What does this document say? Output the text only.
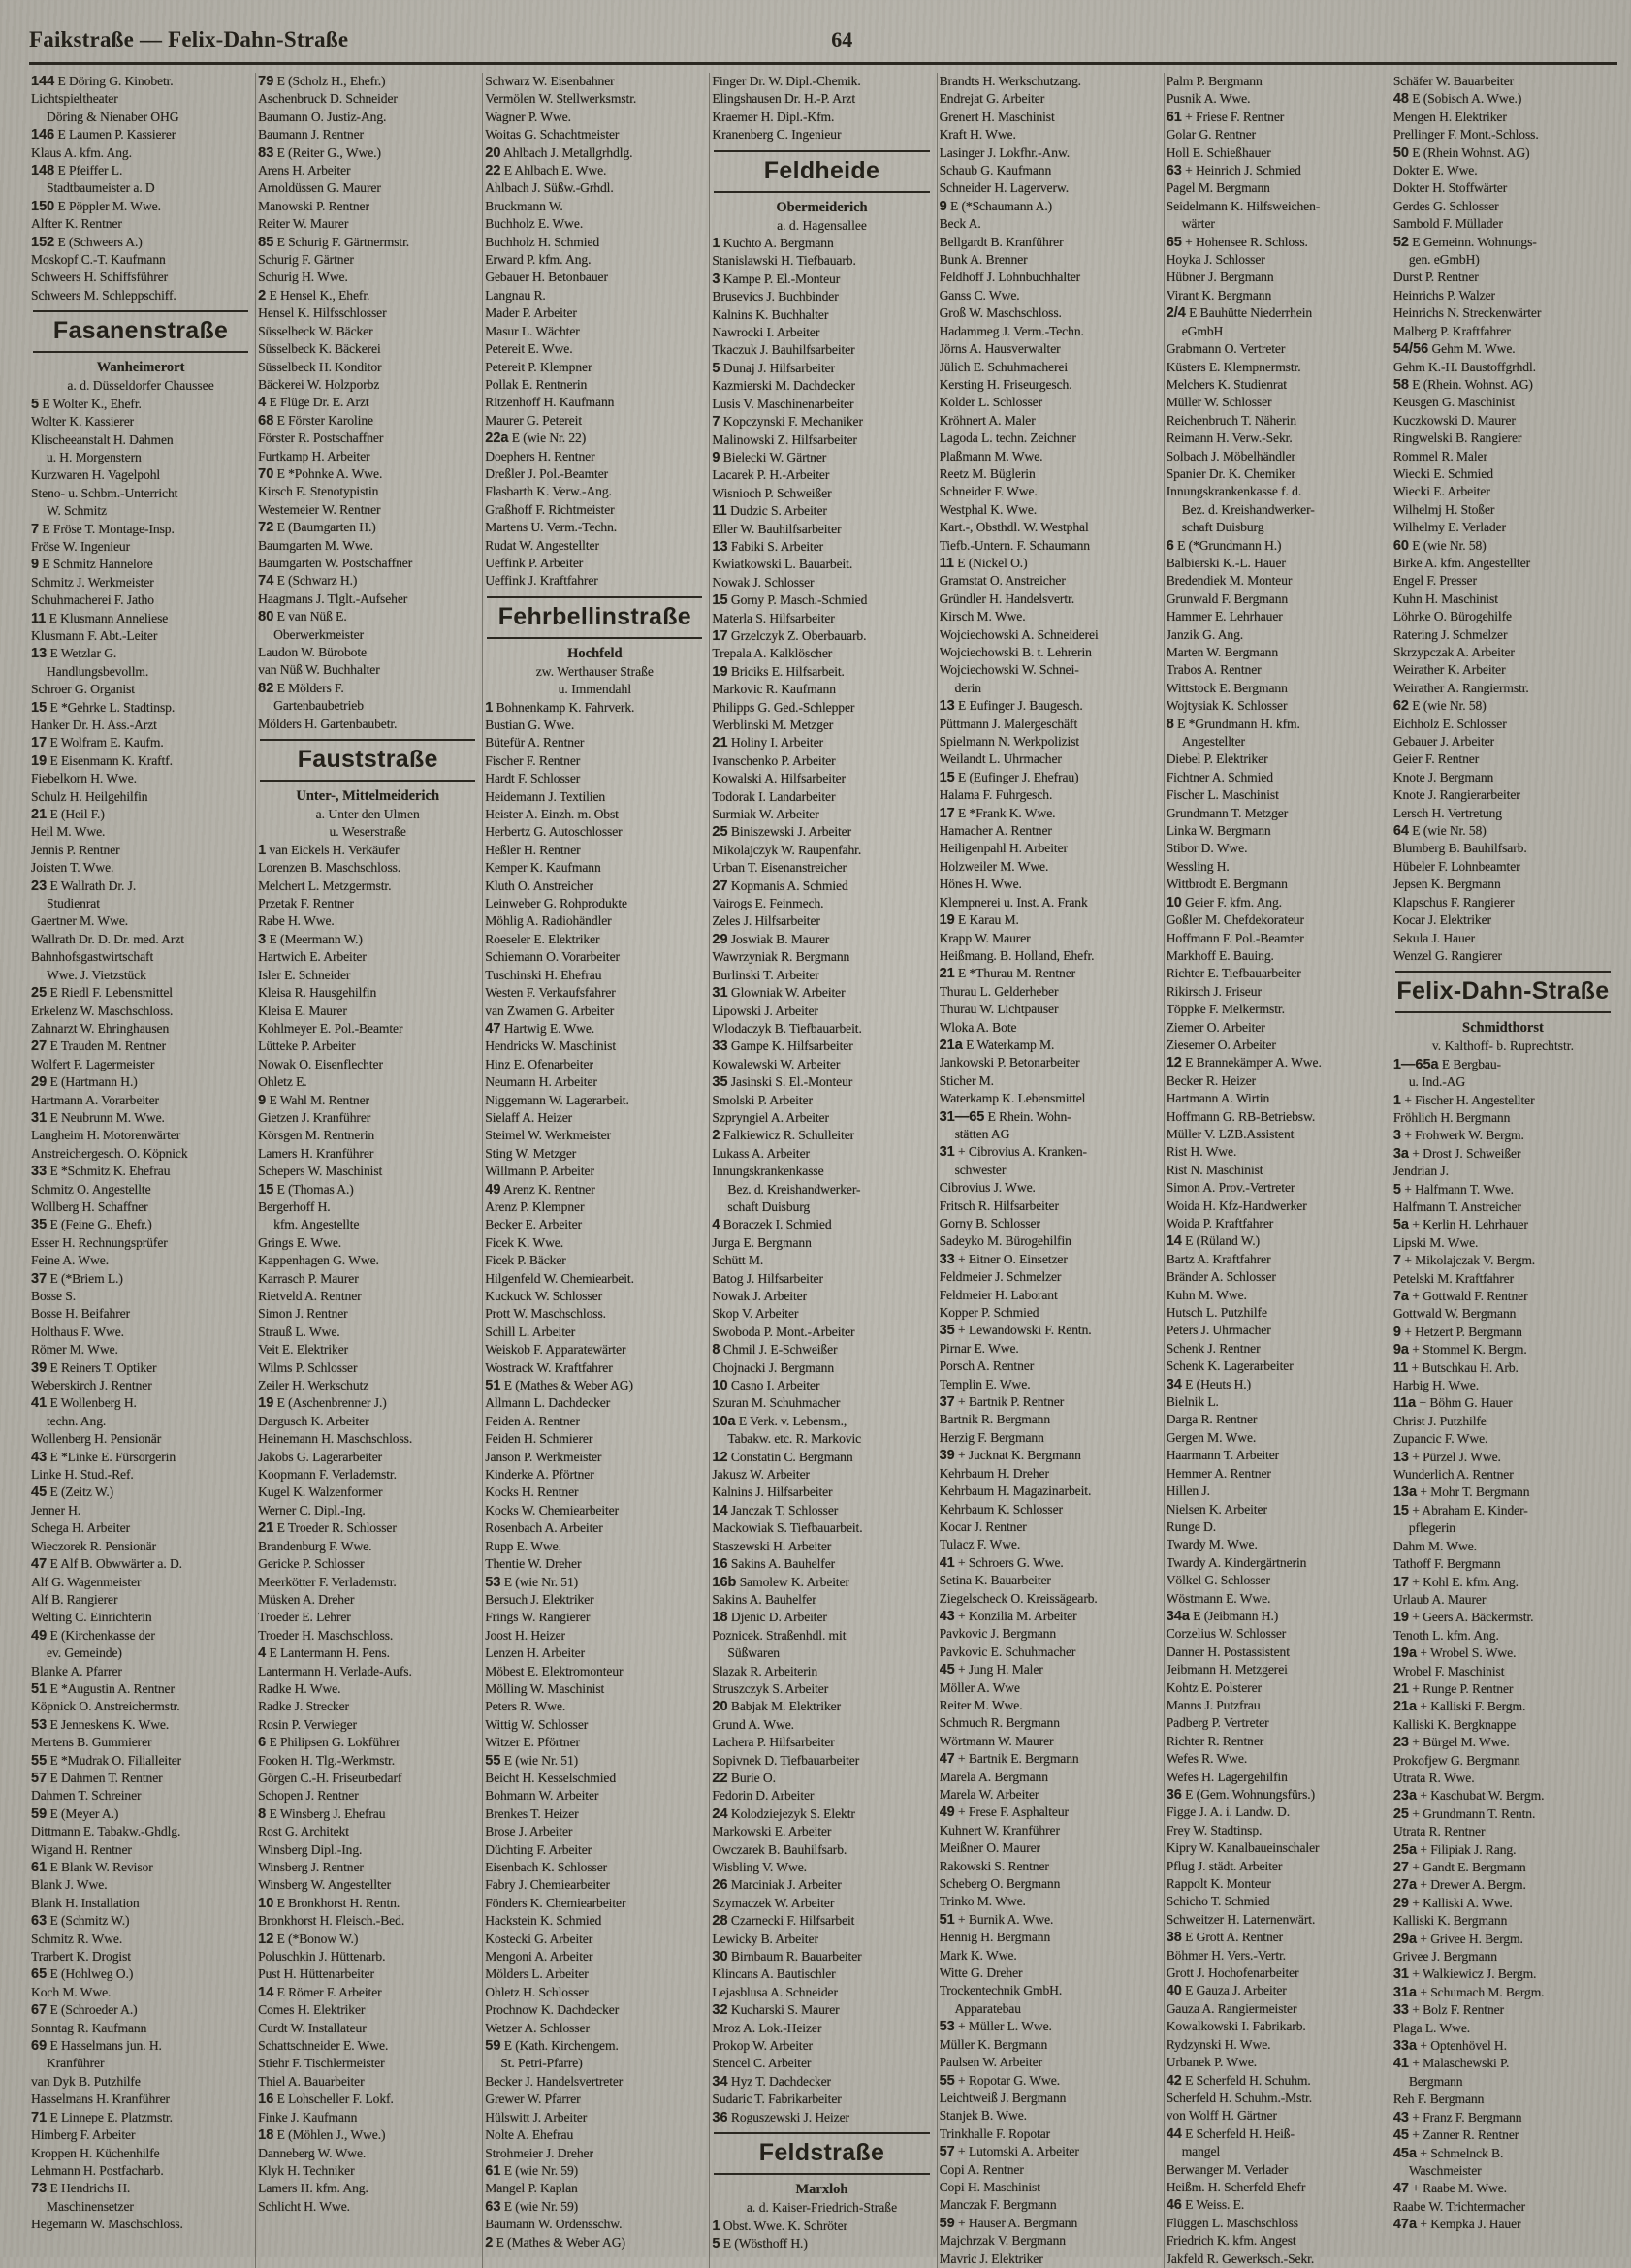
Faikstraße — Felix-Dahn-Straße	64
144 E Döring G. Kinobetr.
Lichtspieltheater
Döring & Nienaber OHG
146 E Laumen P. Kassierer
Klaus A. kfm. Ang.
148 E Pfeiffer L.
Stadtbaumeister a. D
150 E Pöppler M. Wwe.
Alfter K. Rentner
152 E (Schweers A.)
Moskopf C.-T. Kaufmann
Schweers H. Schiffsführer
Schweers M. Schleppschiff.
Fasanenstraße
Wanheimerort
a. d. Düsseldorfer Chaussee
5 E Wolter K., Ehefr.
Wolter K. Kassierer
Klischeeanstalt H. Dahmen
u. H. Morgenstern
Kurzwaren H. Vagelpohl
Steno- u. Schbm.-Unterricht
W. Schmitz
7 E Fröse T. Montage-Insp.
Fröse W. Ingenieur
9 E Schmitz Hannelore
Schmitz J. Werkmeister
Schuhmacherei F. Jatho
11 E Klusmann Anneliese
Klusmann F. Abt.-Leiter
13 E Wetzlar G.
Handlungsbevollm.
Schroer G. Organist
15 E *Gehrke L. Stadtinsp.
Hanker Dr. H. Ass.-Arzt
17 E Wolfram E. Kaufm.
19 E Eisenmann K. Kraftf.
Fiebelkorn H. Wwe.
Schulz H. Heilgehilfin
21 E (Heil F.)
Heil M. Wwe.
Jennis P. Rentner
Joisten T. Wwe.
23 E Wallrath Dr. J.
Studienrat
Gaertner M. Wwe.
Wallrath Dr. D. Dr. med. Arzt
Bahnhofsgastwirtschaft
Wwe. J. Vietzstück
25 E Riedl F. Lebensmittel
Erkelenz W. Maschschloss.
Zahnarzt W. Ehringhausen
27 E Trauden M. Rentner
Wolfert F. Lagermeister
29 E (Hartmann H.)
Hartmann A. Vorarbeiter
31 E Neubrunn M. Wwe.
Langheim H. Motorenwärter
Anstreichergesch. O. Köpnick
33 E *Schmitz K. Ehefrau
Schmitz O. Angestellte
Wollberg H. Schaffner
35 E (Feine G., Ehefr.)
Esser H. Rechnungsprüfer
Feine A. Wwe.
37 E (*Briem L.)
Bosse S.
Bosse H. Beifahrer
Holthaus F. Wwe.
Römer M. Wwe.
39 E Reiners T. Optiker
Weberskirch J. Rentner
41 E Wollenberg H.
techn. Ang.
Wollenberg H. Pensionär
43 E *Linke E. Fürsorgerin
Linke H. Stud.-Ref.
45 E (Zeitz W.)
Jenner H.
Schega H. Arbeiter
Wieczorek R. Pensionär
47 E Alf B. Obwwärter a. D.
Alf G. Wagenmeister
Alf B. Rangierer
Welting C. Einrichterin
49 E (Kirchenkasse der
ev. Gemeinde)
Blanke A. Pfarrer
51 E *Augustin A. Rentner
Köpnick O. Anstreichermstr.
53 E Jenneskens K. Wwe.
Mertens B. Gummierer
55 E *Mudrak O. Filialleiter
57 E Dahmen T. Rentner
Dahmen T. Schreiner
59 E (Meyer A.)
Dittmann E. Tabakw.-Ghdlg.
Wigand H. Rentner
61 E Blank W. Revisor
Blank J. Wwe.
Blank H. Installation
63 E (Schmitz W.)
Schmitz R. Wwe.
Trarbert K. Drogist
65 E (Hohlweg O.)
Koch M. Wwe.
67 E (Schroeder A.)
Sonntag R. Kaufmann
69 E Hasselmans jun. H.
Kranführer
van Dyk B. Putzhilfe
Hasselmans H. Kranführer
71 E Linnepe E. Platzmstr.
Himberg F. Arbeiter
Kroppen H. Küchenhilfe
Lehmann H. Postfacharb.
73 E Hendrichs H.
Maschinensetzer
Hegemann W. Maschschloss.
79 E (Scholz H., Ehefr.)
Aschenbruck D. Schneider
Baumann O. Justiz-Ang.
Baumann J. Rentner
83 E (Reiter G., Wwe.)
Arens H. Arbeiter
Arnoldüssen G. Maurer
Manowski P. Rentner
Reiter W. Maurer
85 E Schurig F. Gärtnermstr.
Schurig F. Gärtner
Schurig H. Wwe.
2 E Hensel K., Ehefr.
Hensel K. Hilfsschlosser
Süsselbeck W. Bäcker
Süsselbeck K. Bäckerei
Süsselbeck H. Konditor
Bäckerei W. Holzporbz
4 E Flüge Dr. E. Arzt
68 E Förster Karoline
Förster R. Postschaffner
Furtkamp H. Arbeiter
70 E *Pohnke A. Wwe.
Kirsch E. Stenotypistin
Westemeier W. Rentner
72 E (Baumgarten H.)
Baumgarten M. Wwe.
Baumgarten W. Postschaffner
74 E (Schwarz H.)
Haagmans J. Tlglt.-Aufseher
80 E van Nüß E.
Oberwerkmeister
Laudon W. Bürobote
van Nüß W. Buchhalter
82 E Mölders F.
Gartenbaubetrieb
Mölders H. Gartenbaubetr.
Fauststraße
Unter-, Mittelmeiderich
a. Unter den Ulmen
u. Weserstraße
1 van Eickels H. Verkäufer
Lorenzen B. Maschschloss.
Melchert L. Metzgermstr.
Przetak F. Rentner
Rabe H. Wwe.
3 E (Meermann W.)
Hartwich E. Arbeiter
Isler E. Schneider
Kleisa R. Hausgehilfin
Kleisa E. Maurer
Kohlmeyer E. Pol.-Beamter
Lütteke P. Arbeiter
Nowak O. Eisenflechter
Ohletz E.
9 E Wahl M. Rentner
Gietzen J. Kranführer
Körsgen M. Rentnerin
Lamers H. Kranführer
Schepers W. Maschinist
15 E (Thomas A.)
Bergerhoff H.
kfm. Angestellte
Grings E. Wwe.
Kappenhagen G. Wwe.
Karrasch P. Maurer
Rietveld A. Rentner
Simon J. Rentner
Strauß L. Wwe.
Veit E. Elektriker
Wilms P. Schlosser
Zeiler H. Werkschutz
19 E (Aschenbrenner J.)
Dargusch K. Arbeiter
Heinemann H. Maschschloss.
Jakobs G. Lagerarbeiter
Koopmann F. Verlademstr.
Kugel K. Walzenformer
Werner C. Dipl.-Ing.
21 E Troeder R. Schlosser
Brandenburg F. Wwe.
Gericke P. Schlosser
Meerkötter F. Verlademstr.
Müsken A. Dreher
Troeder E. Lehrer
Troeder H. Maschschloss.
4 E Lantermann H. Pens.
Lantermann H. Verlade-Aufs.
Radke H. Wwe.
Radke J. Strecker
Rosin P. Verwieger
6 E Philipsen G. Lokführer
Fooken H. Tlg.-Werkmstr.
Görgen C.-H. Friseurbedarf
Schopen J. Rentner
8 E Winsberg J. Ehefrau
Rost G. Architekt
Winsberg Dipl.-Ing.
Winsberg J. Rentner
Winsberg W. Angestellter
10 E Bronkhorst H. Rentn.
Bronkhorst H. Fleisch.-Bed.
12 E (*Bonow W.)
Poluschkin J. Hüttenarb.
Pust H. Hüttenarbeiter
14 E Römer F. Arbeiter
Comes H. Elektriker
Curdt W. Installateur
Schattschneider E. Wwe.
Stiehr F. Tischlermeister
Thiel A. Bauarbeiter
16 E Lohscheller F. Lokf.
Finke J. Kaufmann
18 E (Möhlen J., Wwe.)
Danneberg W. Wwe.
Klyk H. Techniker
Lamers H. kfm. Ang.
Schlicht H. Wwe.
Schwarz W. Eisenbahner
Vermölen W. Stellwerksmstr.
Wagner P. Wwe.
Woitas G. Schachtmeister
20 Ahlbach J. Metallgrhdlg.
22 E Ahlbach E. Wwe.
Ahlbach J. Süßw.-Grhdl.
Bruckmann W.
Buchholz E. Wwe.
Buchholz H. Schmied
Erward P. kfm. Ang.
Gebauer H. Betonbauer
Langnau R.
Mader P. Arbeiter
Masur L. Wächter
Petereit E. Wwe.
Petereit P. Klempner
Pollak E. Rentnerin
Ritzenhoff H. Kaufmann
Maurer G. Petereit
22a E (wie Nr. 22)
Doephers H. Rentner
Dreßler J. Pol.-Beamter
Flasbarth K. Verw.-Ang.
Graßhoff F. Richtmeister
Martens U. Verm.-Techn.
Rudat W. Angestellter
Ueffink P. Arbeiter
Ueffink J. Kraftfahrer
Fehrbellinstraße
Hochfeld
zw. Werthauser Straße
u. Immendahl
1 Bohnenkamp K. Fahrverk.
Bustian G. Wwe.
Bütefür A. Rentner
Fischer F. Rentner
Hardt F. Schlosser
Heidemann J. Textilien
Heister A. Einzh. m. Obst
Herbertz G. Autoschlosser
Heßler H. Rentner
Kemper K. Kaufmann
Kluth O. Anstreicher
Leinweber G. Rohprodukte
Möhlig A. Radiohändler
Roeseler E. Elektriker
Schiemann O. Vorarbeiter
Tuschinski H. Ehefrau
Westen F. Verkaufsfahrer
van Zwamen G. Arbeiter
47 Hartwig E. Wwe.
Hendricks W. Maschinist
Hinz E. Ofenarbeiter
Neumann H. Arbeiter
Niggemann W. Lagerarbeit.
Sielaff A. Heizer
Steimel W. Werkmeister
Sting W. Metzger
Willmann P. Arbeiter
49 Arenz K. Rentner
Arenz P. Klempner
Becker E. Arbeiter
Ficek K. Wwe.
Ficek P. Bäcker
Hilgenfeld W. Chemiearbeit.
Kuckuck W. Schlosser
Prott W. Maschschloss.
Schill L. Arbeiter
Weiskob F. Apparatewärter
Wostrack W. Kraftfahrer
51 E (Mathes & Weber AG)
Allmann L. Dachdecker
Feiden A. Rentner
Feiden H. Schmierer
Janson P. Werkmeister
Kinderke A. Pförtner
Kocks H. Rentner
Kocks W. Chemiearbeiter
Rosenbach A. Arbeiter
Rupp E. Wwe.
Thentie W. Dreher
53 E (wie Nr. 51)
Bersuch J. Elektriker
Frings W. Rangierer
Joost H. Heizer
Lenzen H. Arbeiter
Möbest E. Elektromonteur
Mölling W. Maschinist
Peters R. Wwe.
Wittig W. Schlosser
Witzer E. Pförtner
55 E (wie Nr. 51)
Beicht H. Kesselschmied
Bohmann W. Arbeiter
Brenkes T. Heizer
Brose J. Arbeiter
Düchting F. Arbeiter
Eisenbach K. Schlosser
Fabry J. Chemiearbeiter
Fönders K. Chemiearbeiter
Hackstein K. Schmied
Kostecki G. Arbeiter
Mengoni A. Arbeiter
Mölders L. Arbeiter
Ohletz H. Schlosser
Prochnow K. Dachdecker
Wetzer A. Schlosser
59 E (Kath. Kirchengem.
St. Petri-Pfarre)
Becker J. Handelsvertreter
Grewer W. Pfarrer
Hülswitt J. Arbeiter
Nolte A. Ehefrau
Strohmeier J. Dreher
61 E (wie Nr. 59)
Mangel P. Kaplan
63 E (wie Nr. 59)
Baumann W. Ordensschw.
2 E (Mathes & Weber AG)
Finger Dr. W. Dipl.-Chemik.
Elingshausen Dr. H.-P. Arzt
Kraemer H. Dipl.-Kfm.
Kranenberg C. Ingenieur
Feldheide
Obermeiderich
a. d. Hagensallee
1 Kuchto A. Bergmann
Stanislawski H. Tiefbauarb.
3 Kampe P. El.-Monteur
Brusevics J. Buchbinder
Kalnins K. Buchhalter
Nawrocki I. Arbeiter
Tkaczuk J. Bauhilfsarbeiter
5 Dunaj J. Hilfsarbeiter
Kazmierski M. Dachdecker
Lusis V. Maschinenarbeiter
7 Kopczynski F. Mechaniker
Malinowski Z. Hilfsarbeiter
9 Bielecki W. Gärtner
Lacarek P. H.-Arbeiter
Wisnioch P. Schweißer
11 Dudzic S. Arbeiter
Eller W. Bauhilfsarbeiter
13 Fabiki S. Arbeiter
Kwiatkowski L. Bauarbeit.
Nowak J. Schlosser
15 Gorny P. Masch.-Schmied
Materla S. Hilfsarbeiter
17 Grzelczyk Z. Oberbauarb.
Trepala A. Kalklöscher
19 Briciks E. Hilfsarbeit.
Markovic R. Kaufmann
Philipps G. Ged.-Schlepper
Werblinski M. Metzger
21 Holiny I. Arbeiter
Ivanschenko P. Arbeiter
Kowalski A. Hilfsarbeiter
Todorak I. Landarbeiter
Surmiak W. Arbeiter
25 Biniszewski J. Arbeiter
Mikolajczyk W. Raupenfahr.
Urban T. Eisenanstreicher
27 Kopmanis A. Schmied
Vairogs E. Feinmech.
Zeles J. Hilfsarbeiter
29 Joswiak B. Maurer
Wawrzyniak R. Bergmann
Burlinski T. Arbeiter
31 Glowniak W. Arbeiter
Lipowski J. Arbeiter
Wlodaczyk B. Tiefbauarbeit.
33 Gampe K. Hilfsarbeiter
Kowalewski W. Arbeiter
35 Jasinski S. El.-Monteur
Smolski P. Arbeiter
Szpryngiel A. Arbeiter
2 Falkiewicz R. Schulleiter
Lukass A. Arbeiter
Innungskrankenkasse
Bez. d. Kreishandwerker-
schaft Duisburg
4 Boraczek I. Schmied
Jurga E. Bergmann
Schütt M.
Batog J. Hilfsarbeiter
Nowak J. Arbeiter
Skop V. Arbeiter
Swoboda P. Mont.-Arbeiter
8 Chmil J. E-Schweißer
Chojnacki J. Bergmann
10 Casno I. Arbeiter
Szuran M. Schuhmacher
10a E Verk. v. Lebensm.,
Tabakw. etc. R. Markovic
12 Constatin C. Bergmann
Jakusz W. Arbeiter
Kalnins J. Hilfsarbeiter
14 Janczak T. Schlosser
Mackowiak S. Tiefbauarbeit.
Staszewski H. Arbeiter
16 Sakins A. Bauhelfer
16b Samolew K. Arbeiter
Sakins A. Bauhelfer
18 Djenic D. Arbeiter
Poznicek. Straßenhdl. mit
Süßwaren
Slazak R. Arbeiterin
Struszczyk S. Arbeiter
20 Babjak M. Elektriker
Grund A. Wwe.
Lachera P. Hilfsarbeiter
Sopivnek D. Tiefbauarbeiter
22 Burie O.
Fedorin D. Arbeiter
24 Kolodziejezyk S. Elektr
Markowski E. Arbeiter
Owczarek B. Bauhilfsarb.
Wisbling V. Wwe.
26 Marciniak J. Arbeiter
Szymaczek W. Arbeiter
28 Czarnecki F. Hilfsarbeit
Lewicky B. Arbeiter
30 Birnbaum R. Bauarbeiter
Klincans A. Bautischler
Lejasblusa A. Schneider
32 Kucharski S. Maurer
Mroz A. Lok.-Heizer
Prokop W. Arbeiter
Stencel C. Arbeiter
34 Hyz T. Dachdecker
Sudaric T. Fabrikarbeiter
36 Roguszewski J. Heizer
Feldstraße
Marxloh
a. d. Kaiser-Friedrich-Straße
1 Obst. Wwe. K. Schröter
5 E (Wösthoff H.)
Brandts H. Werkschutzang.
Endrejat G. Arbeiter
Grenert H. Maschinist
Kraft H. Wwe.
Lasinger J. Lokfhr.-Anw.
Schaub G. Kaufmann
Schneider H. Lagerverw.
9 E (*Schaumann A.)
Beck A.
Bellgardt B. Kranführer
Bunk A. Brenner
Feldhoff J. Lohnbuchhalter
Ganss C. Wwe.
Groß W. Maschschloss.
Hadammeg J. Verm.-Techn.
Jörns A. Hausverwalter
Jülich E. Schuhmacherei
Kersting H. Friseurgesch.
Kolder L. Schlosser
Kröhnert A. Maler
Lagoda L. techn. Zeichner
Plaßmann M. Wwe.
Reetz M. Büglerin
Schneider F. Wwe.
Westphal K. Wwe.
Kart.-, Obsthdl. W. Westphal
Tiefb.-Untern. F. Schaumann
11 E (Nickel O.)
Gramstat O. Anstreicher
Gründler H. Handelsvertr.
Kirsch M. Wwe.
Wojciechowski A. Schneiderei
Wojciechowski B. t. Lehrerin
Wojciechowski W. Schnei-
derin
13 E Eufinger J. Baugesch.
Püttmann J. Malergeschäft
Spielmann N. Werkpolizist
Weilandt L. Uhrmacher
15 E (Eufinger J. Ehefrau)
Halama F. Fuhrgesch.
17 E *Frank K. Wwe.
Hamacher A. Rentner
Heiligenpahl H. Arbeiter
Holzweiler M. Wwe.
Hönes H. Wwe.
Klempnerei u. Inst. A. Frank
19 E Karau M.
Krapp W. Maurer
Heißmang. B. Holland, Ehefr.
21 E *Thurau M. Rentner
Thurau L. Gelderheber
Thurau W. Lichtpauser
Wloka A. Bote
21a E Waterkamp M.
Jankowski P. Betonarbeiter
Sticher M.
Waterkamp K. Lebensmittel
31—65 E Rhein. Wohn-
stätten AG
31 + Cibrovius A. Kranken-
schwester
Cibrovius J. Wwe.
Fritsch R. Hilfsarbeiter
Gorny B. Schlosser
Sadeyko M. Bürogehilfin
33 + Eitner O. Einsetzer
Feldmeier J. Schmelzer
Feldmeier H. Laborant
Kopper P. Schmied
35 + Lewandowski F. Rentn.
Pirnar E. Wwe.
Porsch A. Rentner
Templin E. Wwe.
37 + Bartnik P. Rentner
Bartnik R. Bergmann
Herzig F. Bergmann
39 + Jucknat K. Bergmann
Kehrbaum H. Dreher
Kehrbaum H. Magazinarbeit.
Kehrbaum K. Schlosser
Kocar J. Rentner
Tulacz F. Wwe.
41 + Schroers G. Wwe.
Setina K. Bauarbeiter
Ziegelscheck O. Kreissägearb.
43 + Konzilia M. Arbeiter
Pavkovic J. Bergmann
Pavkovic E. Schuhmacher
45 + Jung H. Maler
Möller A. Wwe
Reiter M. Wwe.
Schmuch R. Bergmann
Wörtmann W. Maurer
47 + Bartnik E. Bergmann
Marela A. Bergmann
Marela W. Arbeiter
49 + Frese F. Asphalteur
Kuhnert W. Kranführer
Meißner O. Maurer
Rakowski S. Rentner
Scheberg O. Bergmann
Trinko M. Wwe.
51 + Burnik A. Wwe.
Hennig H. Bergmann
Mark K. Wwe.
Witte G. Dreher
Trockentechnik GmbH.
Apparatebau
53 + Müller L. Wwe.
Müller K. Bergmann
Paulsen W. Arbeiter
55 + Ropotar G. Wwe.
Leichtweiß J. Bergmann
Stanjek B. Wwe.
Trinkhalle F. Ropotar
57 + Lutomski A. Arbeiter
Copi A. Rentner
Copi H. Maschinist
Manczak F. Bergmann
59 + Hauser A. Bergmann
Majchrzak V. Bergmann
Mavric J. Elektriker
Palm P. Bergmann
Pusnik A. Wwe.
61 + Friese F. Rentner
Golar G. Rentner
Holl E. Schießhauer
63 + Heinrich J. Schmied
Pagel M. Bergmann
Seidelmann K. Hilfsweichen-
wärter
65 + Hohensee R. Schloss.
Hoyka J. Schlosser
Hübner J. Bergmann
Virant K. Bergmann
2/4 E Bauhütte Niederrhein
eGmbH
Grabmann O. Vertreter
Küsters E. Klempnermstr.
Melchers K. Studienrat
Müller W. Schlosser
Reichenbruch T. Näherin
Reimann H. Verw.-Sekr.
Solbach J. Möbelhändler
Spanier Dr. K. Chemiker
Innungskrankenkasse f. d.
Bez. d. Kreishandwerker-
schaft Duisburg
6 E (*Grundmann H.)
Balbierski K.-L. Hauer
Bredendiek M. Monteur
Grunwald F. Bergmann
Hammer E. Lehrhauer
Janzik G. Ang.
Marten W. Bergmann
Trabos A. Rentner
Wittstock E. Bergmann
Wojtysiak K. Schlosser
8 E *Grundmann H. kfm.
Angestellter
Diebel P. Elektriker
Fichtner A. Schmied
Fischer L. Maschinist
Grundmann T. Metzger
Linka W. Bergmann
Stibor D. Wwe.
Wessling H.
Wittbrodt E. Bergmann
10 Geier F. kfm. Ang.
Goßler M. Chefdekorateur
Hoffmann F. Pol.-Beamter
Markhoff E. Bauing.
Richter E. Tiefbauarbeiter
Rikirsch J. Friseur
Töppke F. Melkermstr.
Ziemer O. Arbeiter
Ziesemer O. Arbeiter
12 E Brannekämper A. Wwe.
Becker R. Heizer
Hartmann A. Wirtin
Hoffmann G. RB-Betriebsw.
Müller V. LZB.Assistent
Rist H. Wwe.
Rist N. Maschinist
Simon A. Prov.-Vertreter
Woida H. Kfz-Handwerker
Woida P. Kraftfahrer
14 E (Rüland W.)
Bartz A. Kraftfahrer
Bränder A. Schlosser
Kuhn M. Wwe.
Hutsch L. Putzhilfe
Peters J. Uhrmacher
Schenk J. Rentner
Schenk K. Lagerarbeiter
34 E (Heuts H.)
Bielnik L.
Darga R. Rentner
Gergen M. Wwe.
Haarmann T. Arbeiter
Hemmer A. Rentner
Hillen J.
Nielsen K. Arbeiter
Runge D.
Twardy M. Wwe.
Twardy A. Kindergärtnerin
Völkel G. Schlosser
Wöstmann E. Wwe.
34a E (Jeibmann H.)
Corzelius W. Schlosser
Danner H. Postassistent
Jeibmann H. Metzgerei
Kohtz E. Polsterer
Manns J. Putzfrau
Padberg P. Vertreter
Richter R. Rentner
Wefes R. Wwe.
Wefes H. Lagergehilfin
36 E (Gem. Wohnungsfürs.)
Figge J. A. i. Landw. D.
Frey W. Stadtinsp.
Kipry W. Kanalbaueinschaler
Pflug J. städt. Arbeiter
Rappolt K. Monteur
Schicho T. Schmied
Schweitzer H. Laternenwärt.
38 E Grott A. Rentner
Böhmer H. Vers.-Vertr.
Grott J. Hochofenarbeiter
40 E Gauza J. Arbeiter
Gauza A. Rangiermeister
Kowalkowski I. Fabrikarb.
Rydzynski H. Wwe.
Urbanek P. Wwe.
42 E Scherfeld H. Schuhm.
Scherfeld H. Schuhm.-Mstr.
von Wolff H. Gärtner
44 E Scherfeld H. Heiß-
mangel
Berwanger M. Verlader
Heißm. H. Scherfeld Ehefr
46 E Weiss. E.
Flüggen L. Maschschloss
Friedrich K. kfm. Angest
Jakfeld R. Gewerksch.-Sekr.
Schäfer W. Bauarbeiter
48 E (Sobisch A. Wwe.)
Mengen H. Elektriker
Prellinger F. Mont.-Schloss.
50 E (Rhein Wohnst. AG)
Dokter E. Wwe.
Dokter H. Stoffwärter
Gerdes G. Schlosser
Sambold F. Müllader
52 E Gemeinn. Wohnungs-
gen. eGmbH)
Durst P. Rentner
Heinrichs P. Walzer
Heinrichs N. Streckenwärter
Malberg P. Kraftfahrer
54/56 Gehm M. Wwe.
Gehm K.-H. Baustoffgrhdl.
58 E (Rhein. Wohnst. AG)
Keusgen G. Maschinist
Kuczkowski D. Maurer
Ringwelski B. Rangierer
Rommel R. Maler
Wiecki E. Schmied
Wiecki E. Arbeiter
Wilhelmj H. Stoßer
Wilhelmy E. Verlader
60 E (wie Nr. 58)
Birke A. kfm. Angestellter
Engel F. Presser
Kuhn H. Maschinist
Löhrke O. Bürogehilfe
Ratering J. Schmelzer
Skrzypczak A. Arbeiter
Weirather K. Arbeiter
Weirather A. Rangiermstr.
62 E (wie Nr. 58)
Eichholz E. Schlosser
Gebauer J. Arbeiter
Geier F. Rentner
Knote J. Bergmann
Knote J. Rangierarbeiter
Lersch H. Vertretung
64 E (wie Nr. 58)
Blumberg B. Bauhilfsarb.
Hübeler F. Lohnbeamter
Jepsen K. Bergmann
Klapschus F. Rangierer
Kocar J. Elektriker
Sekula J. Hauer
Wenzel G. Rangierer
Felix-Dahn-Straße
Schmidthorst
v. Kalthoff- b. Ruprechtstr.
1—65a E Bergbau-
u. Ind.-AG
1 + Fischer H. Angestellter
Fröhlich H. Bergmann
3 + Frohwerk W. Bergm.
3a + Drost J. Schweißer
Jendrian J.
5 + Halfmann T. Wwe.
Halfmann T. Anstreicher
5a + Kerlin H. Lehrhauer
Lipski M. Wwe.
7 + Mikolajczak V. Bergm.
Petelski M. Kraftfahrer
7a + Gottwald F. Rentner
Gottwald W. Bergmann
9 + Hetzert P. Bergmann
9a + Stommel K. Bergm.
11 + Butschkau H. Arb.
Harbig H. Wwe.
11a + Böhm G. Hauer
Christ J. Putzhilfe
Zupancic F. Wwe.
13 + Pürzel J. Wwe.
Wunderlich A. Rentner
13a + Mohr T. Bergmann
15 + Abraham E. Kinder-
pflegerin
Dahm M. Wwe.
Tathoff F. Bergmann
17 + Kohl E. kfm. Ang.
Urlaub A. Maurer
19 + Geers A. Bäckermstr.
Tenoth L. kfm. Ang.
19a + Wrobel S. Wwe.
Wrobel F. Maschinist
21 + Runge P. Rentner
21a + Kalliski F. Bergm.
Kalliski K. Bergknappe
23 + Bürgel M. Wwe.
Prokofjew G. Bergmann
Utrata R. Wwe.
23a + Kaschubat W. Bergm.
25 + Grundmann T. Rentn.
Utrata R. Rentner
25a + Filipiak J. Rang.
27 + Gandt E. Bergmann
27a + Drewer A. Bergm.
29 + Kalliski A. Wwe.
Kalliski K. Bergmann
29a + Grivee H. Bergm.
Grivee J. Bergmann
31 + Walkiewicz J. Bergm.
31a + Schumach M. Bergm.
33 + Bolz F. Rentner
Plaga L. Wwe.
33a + Optenhövel H.
41 + Malaschewski P.
Bergmann
Reh F. Bergmann
43 + Franz F. Bergmann
45 + Zanner R. Rentner
45a + Schmelnck B.
Waschmeister
47 + Raabe M. Wwe.
Raabe W. Trichtermacher
47a + Kempka J. Hauer
